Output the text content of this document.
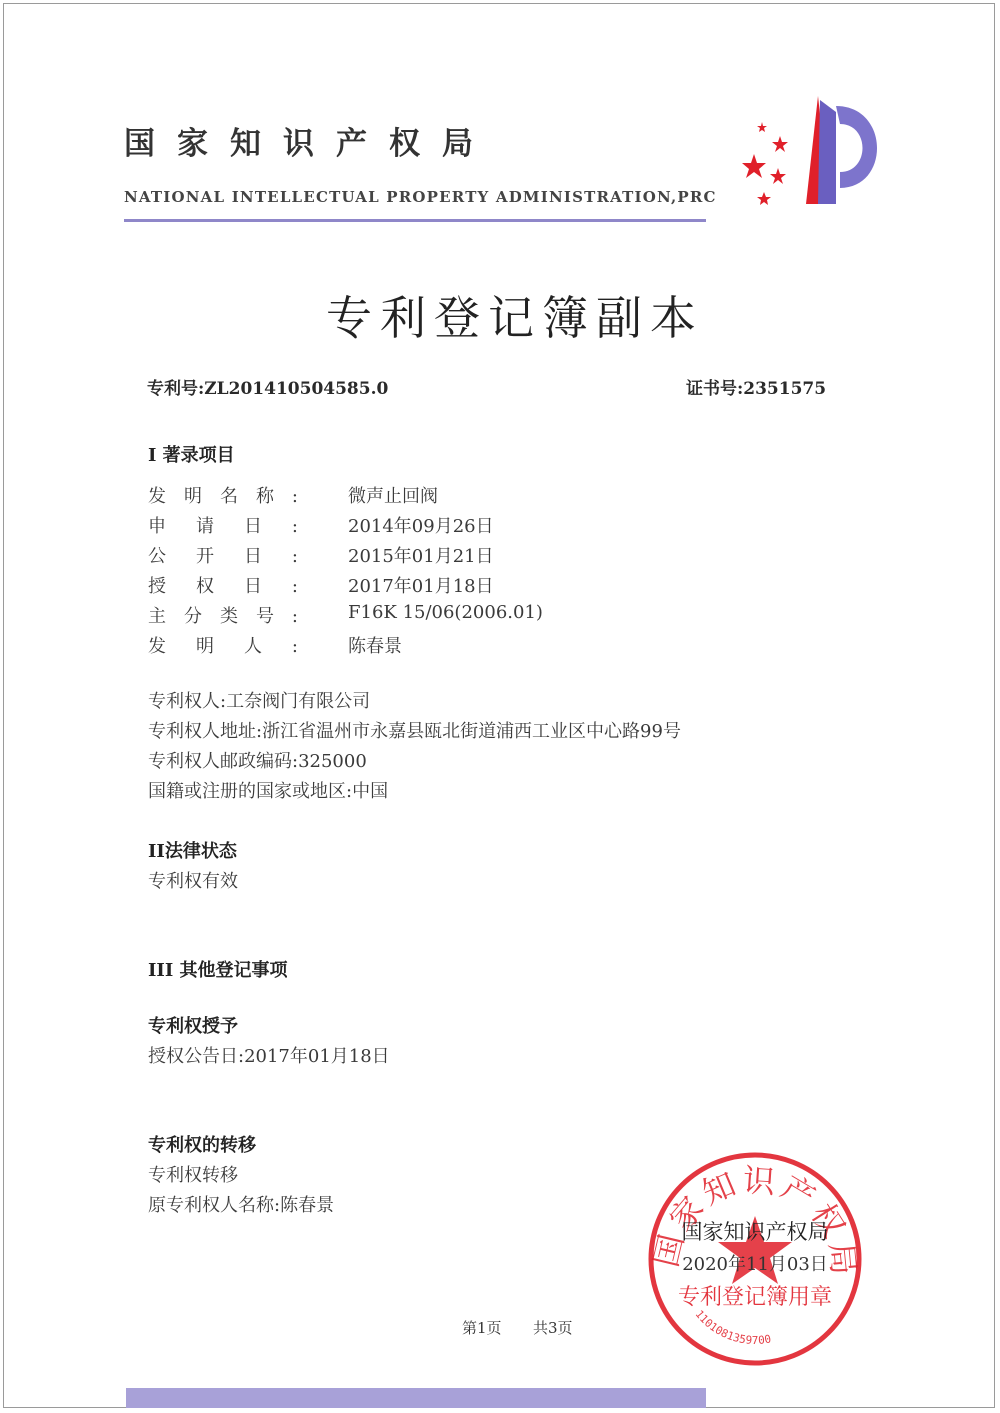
国家知识产权局
NATIONAL INTELLECTUAL PROPERTY ADMINISTRATION,PRC
专利登记簿副本
专利号:ZL201410504585.0	证书号:2351575
I 著录项目
发明名称:	微声止回阀
申请日:	2014年09月26日
公开日:	2015年01月21日
授权日:	2017年01月18日
主分类号:	F16K 15/06(2006.01)
发明人:	陈春景
专利权人:工奈阀门有限公司
专利权人地址:浙江省温州市永嘉县瓯北街道浦西工业区中心路99号
专利权人邮政编码:325000
国籍或注册的国家或地区:中国
II法律状态
专利权有效
III 其他登记事项
专利权授予
授权公告日:2017年01月18日
专利权的转移
专利权转移
原专利权人名称:陈春景
国家知识产权局
国家知识产权局
2020年11月03日
专利登记簿用章
1101081359700
第1页 共3页
